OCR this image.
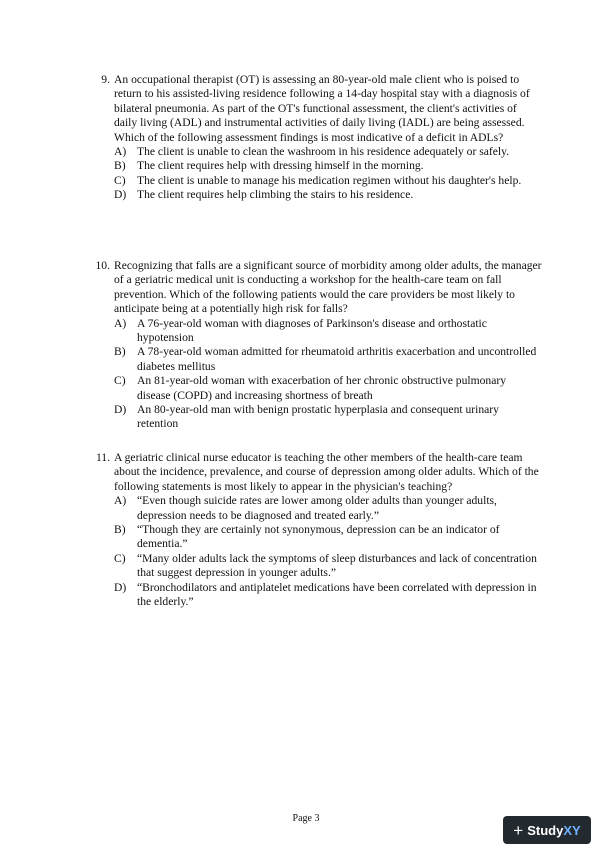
9. An occupational therapist (OT) is assessing an 80-year-old male client who is poised to return to his assisted-living residence following a 14-day hospital stay with a diagnosis of bilateral pneumonia. As part of the OT's functional assessment, the client's activities of daily living (ADL) and instrumental activities of daily living (IADL) are being assessed. Which of the following assessment findings is most indicative of a deficit in ADLs?
A) The client is unable to clean the washroom in his residence adequately or safely.
B) The client requires help with dressing himself in the morning.
C) The client is unable to manage his medication regimen without his daughter's help.
D) The client requires help climbing the stairs to his residence.
10. Recognizing that falls are a significant source of morbidity among older adults, the manager of a geriatric medical unit is conducting a workshop for the health-care team on fall prevention. Which of the following patients would the care providers be most likely to anticipate being at a potentially high risk for falls?
A) A 76-year-old woman with diagnoses of Parkinson's disease and orthostatic hypotension
B) A 78-year-old woman admitted for rheumatoid arthritis exacerbation and uncontrolled diabetes mellitus
C) An 81-year-old woman with exacerbation of her chronic obstructive pulmonary disease (COPD) and increasing shortness of breath
D) An 80-year-old man with benign prostatic hyperplasia and consequent urinary retention
11. A geriatric clinical nurse educator is teaching the other members of the health-care team about the incidence, prevalence, and course of depression among older adults. Which of the following statements is most likely to appear in the physician's teaching?
A) “Even though suicide rates are lower among older adults than younger adults, depression needs to be diagnosed and treated early.”
B) “Though they are certainly not synonymous, depression can be an indicator of dementia.”
C) “Many older adults lack the symptoms of sleep disturbances and lack of concentration that suggest depression in younger adults.”
D) “Bronchodilators and antiplatelet medications have been correlated with depression in the elderly.”
Page 3
+ Study XY
